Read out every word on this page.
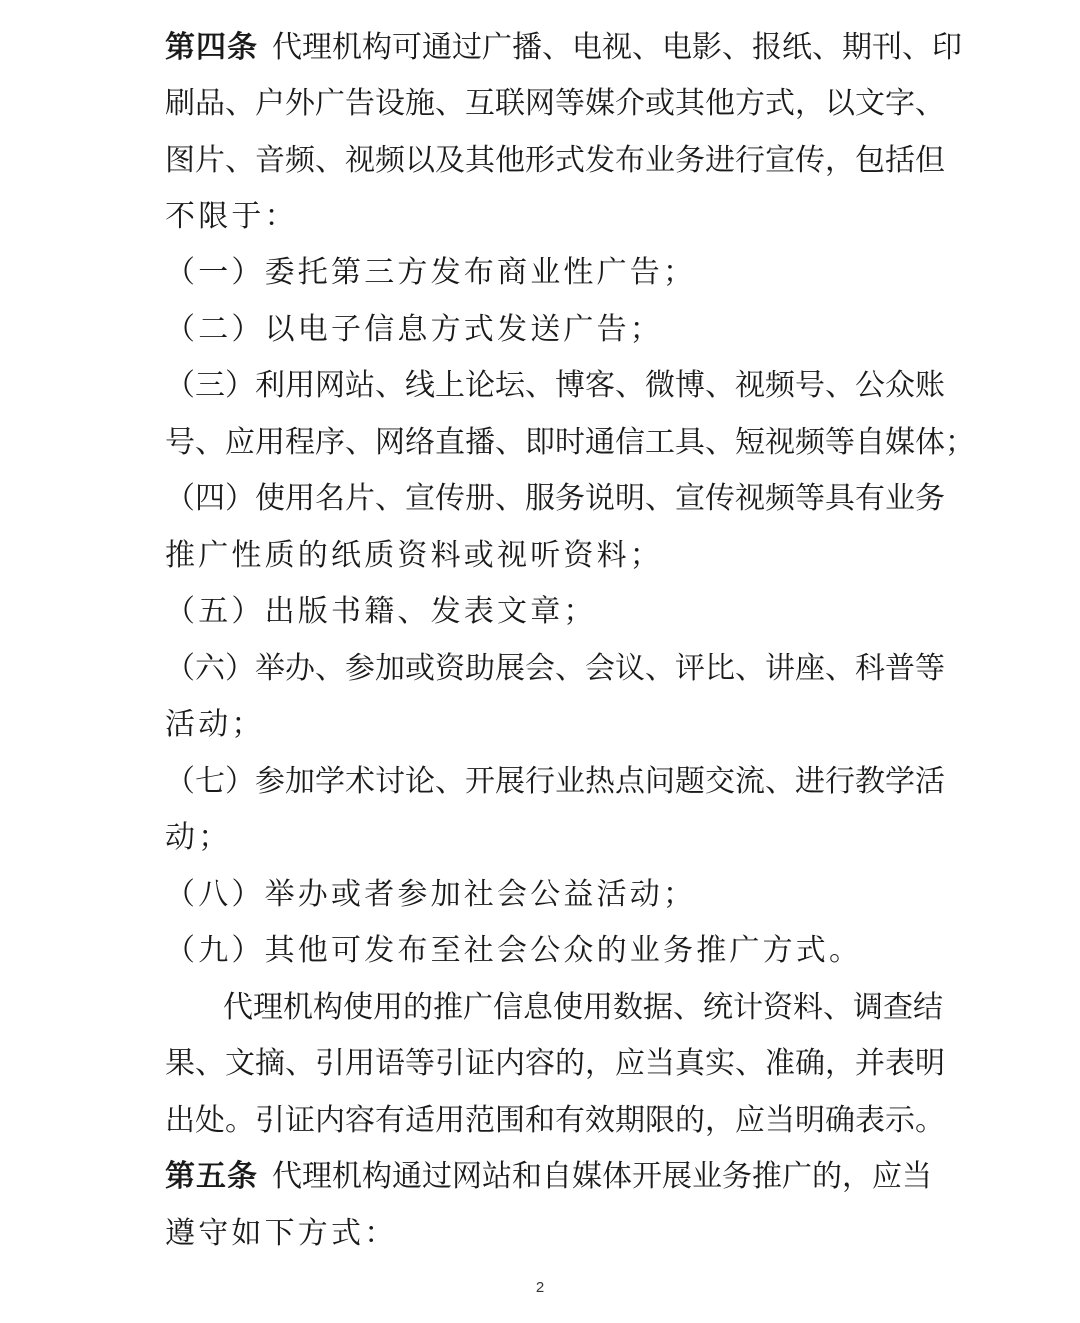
第四条 代理机构可通过广播、电视、电影、报纸、期刊、印
刷品、户外广告设施、互联网等媒介或其他方式，以文字、
图片、音频、视频以及其他形式发布业务进行宣传，包括但
不限于：
（一）委托第三方发布商业性广告；
（二）以电子信息方式发送广告；
（三）利用网站、线上论坛、博客、微博、视频号、公众账
号、应用程序、网络直播、即时通信工具、短视频等自媒体；
（四）使用名片、宣传册、服务说明、宣传视频等具有业务
推广性质的纸质资料或视听资料；
（五）出版书籍、发表文章；
（六）举办、参加或资助展会、会议、评比、讲座、科普等
活动；
（七）参加学术讨论、开展行业热点问题交流、进行教学活
动；
（八）举办或者参加社会公益活动；
（九）其他可发布至社会公众的业务推广方式。
代理机构使用的推广信息使用数据、统计资料、调查结
果、文摘、引用语等引证内容的，应当真实、准确，并表明
出处。引证内容有适用范围和有效期限的，应当明确表示。
第五条 代理机构通过网站和自媒体开展业务推广的，应当
遵守如下方式：
2
